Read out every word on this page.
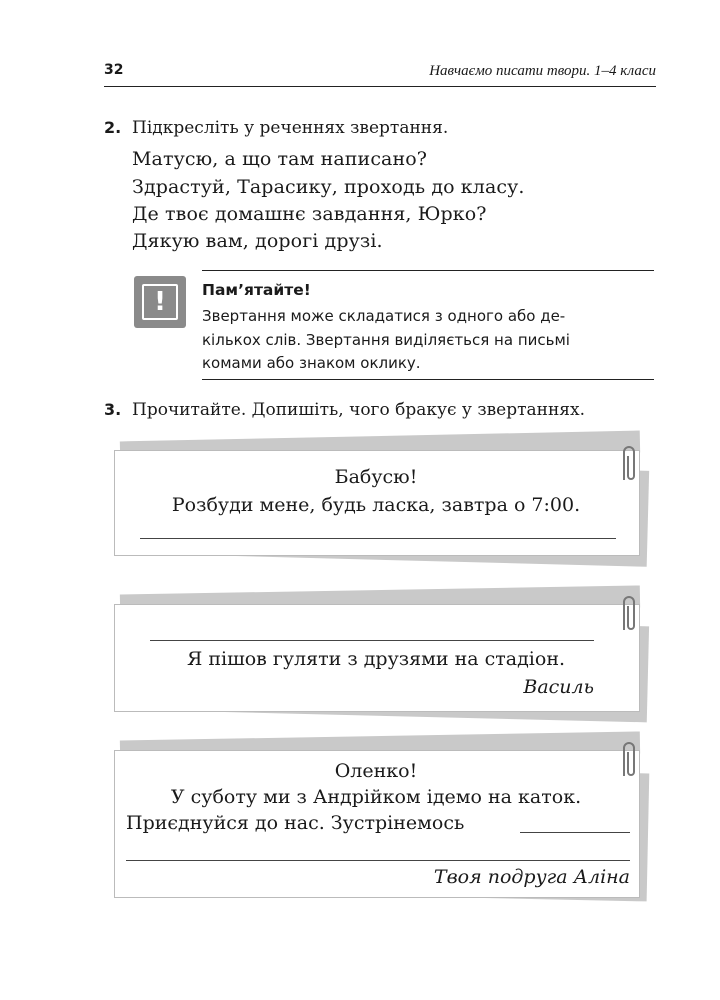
32	Навчаємо писати твори. 1–4 класи
2. Підкресліть у реченнях звертання.
Матусю, а що там написано?
Здрастуй, Тарасику, проходь до класу.
Де твоє домашнє завдання, Юрко?
Дякую вам, дорогі друзі.
!	Пам’ятайте!
Звертання може складатися з одного або де-
кількох слів. Звертання виділяється на письмі
комами або знаком оклику.
3. Прочитайте. Допишіть, чого бракує у звертаннях.
Бабусю!
Розбуди мене, будь ласка, завтра о 7:00.
Я пішов гуляти з друзями на стадіон.
Василь
Оленко!
У суботу ми з Андрійком ідемо на каток.
Приєднуйся до нас. Зустрінемось
Твоя подруга Аліна
